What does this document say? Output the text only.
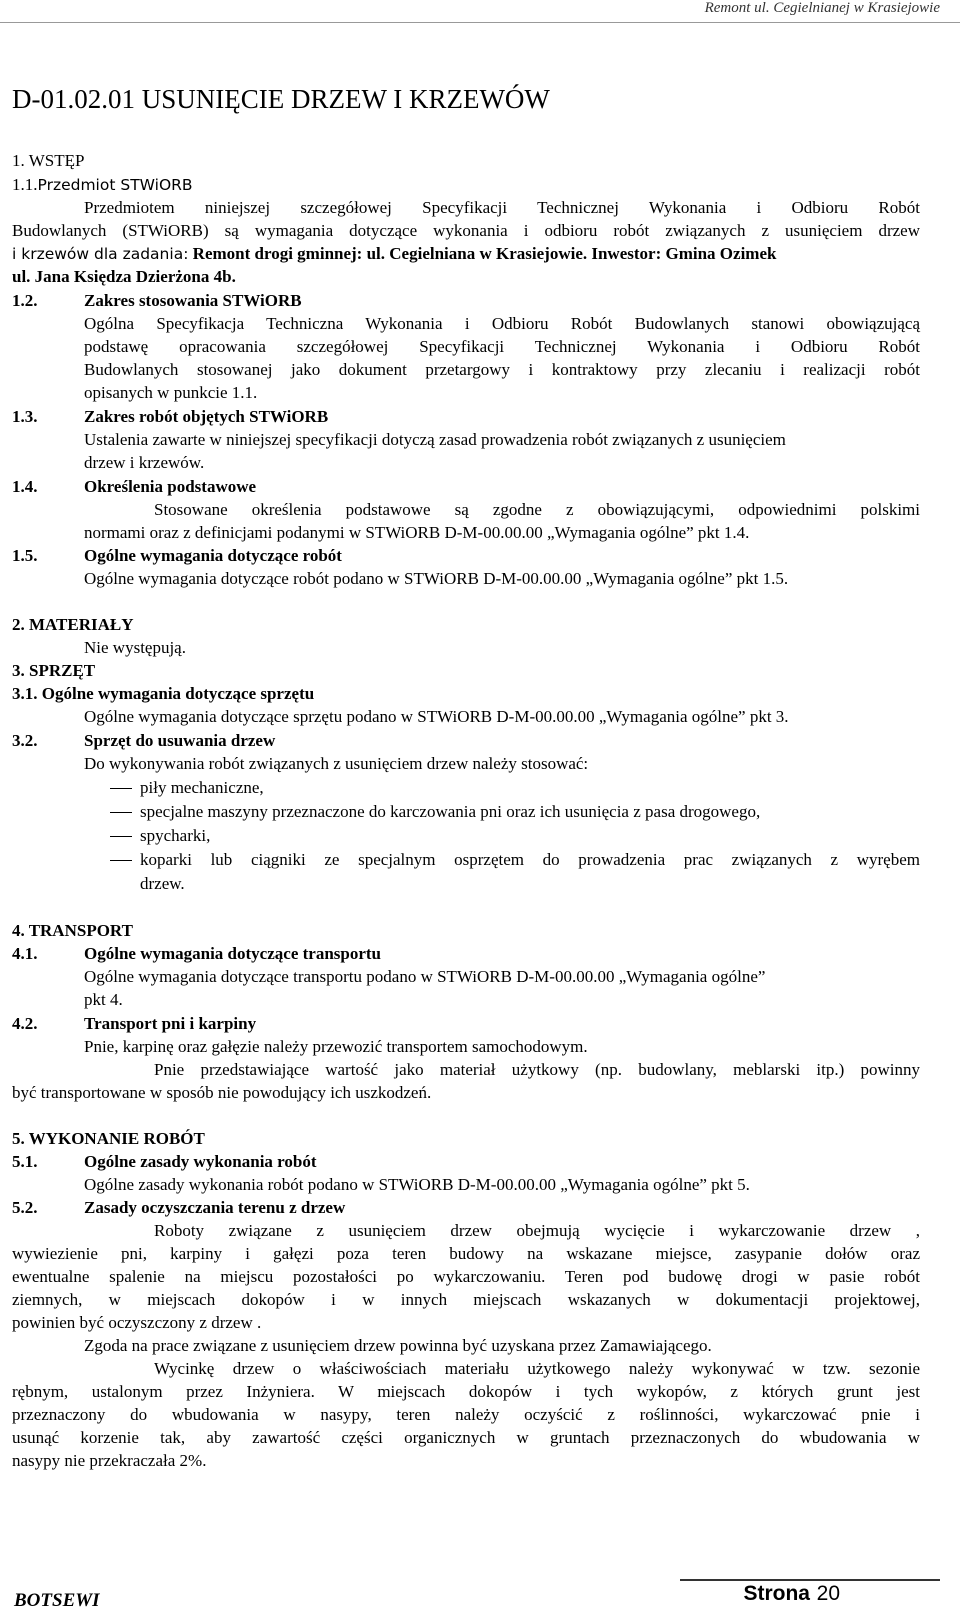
Remont ul. Cegielnianej w Krasiejowie
D-01.02.01 USUNIĘCIE DRZEW I KRZEWÓW
1. WSTĘP
1.1.Przedmiot STWiORB
Przedmiotem niniejszej szczegółowej Specyfikacji Technicznej Wykonania i Odbioru Robót
Budowlanych (STWiORB) są wymagania dotyczące wykonania i odbioru robót związanych z usunięciem drzew
i krzewów dla zadania: Remont drogi gminnej: ul. Cegielniana w Krasiejowie. Inwestor: Gmina Ozimek
ul. Jana Księdza Dzierżona 4b.
1.2.	Zakres stosowania STWiORB
Ogólna Specyfikacja Techniczna Wykonania i Odbioru Robót Budowlanych stanowi obowiązującą
podstawę opracowania szczegółowej Specyfikacji Technicznej Wykonania i Odbioru Robót
Budowlanych stosowanej jako dokument przetargowy i kontraktowy przy zlecaniu i realizacji robót
opisanych w punkcie 1.1.
1.3.	Zakres robót objętych STWiORB
Ustalenia zawarte w niniejszej specyfikacji dotyczą zasad prowadzenia robót związanych z usunięciem
drzew i krzewów.
1.4.	Określenia podstawowe
Stosowane określenia podstawowe są zgodne z obowiązującymi, odpowiednimi polskimi
normami oraz z definicjami podanymi w STWiORB D-M-00.00.00 „Wymagania ogólne” pkt 1.4.
1.5.	Ogólne wymagania dotyczące robót
Ogólne wymagania dotyczące robót podano w STWiORB D-M-00.00.00 „Wymagania ogólne” pkt 1.5.
2. MATERIAŁY
Nie występują.
3. SPRZĘT
3.1. Ogólne wymagania dotyczące sprzętu
Ogólne wymagania dotyczące sprzętu podano w STWiORB D-M-00.00.00 „Wymagania ogólne” pkt 3.
3.2.	Sprzęt do usuwania drzew
Do wykonywania robót związanych z usunięciem drzew należy stosować:
piły mechaniczne,
specjalne maszyny przeznaczone do karczowania pni oraz ich usunięcia z pasa drogowego,
spycharki,
koparki lub ciągniki ze specjalnym osprzętem do prowadzenia prac związanych z wyrębem
drzew.
4. TRANSPORT
4.1.	Ogólne wymagania dotyczące transportu
Ogólne wymagania dotyczące transportu podano w STWiORB D-M-00.00.00 „Wymagania ogólne”
pkt 4.
4.2.	Transport pni i karpiny
Pnie, karpinę oraz gałęzie należy przewozić transportem samochodowym.
Pnie przedstawiające wartość jako materiał użytkowy (np. budowlany, meblarski itp.) powinny
być transportowane w sposób nie powodujący ich uszkodzeń.
5. WYKONANIE ROBÓT
5.1.	Ogólne zasady wykonania robót
Ogólne zasady wykonania robót podano w STWiORB D-M-00.00.00 „Wymagania ogólne” pkt 5.
5.2.	Zasady oczyszczania terenu z drzew
Roboty związane z usunięciem drzew obejmują wycięcie i wykarczowanie drzew ,
wywiezienie pni, karpiny i gałęzi poza teren budowy na wskazane miejsce, zasypanie dołów oraz
ewentualne spalenie na miejscu pozostałości po wykarczowaniu. Teren pod budowę drogi w pasie robót
ziemnych, w miejscach dokopów i w innych miejscach wskazanych w dokumentacji projektowej,
powinien być oczyszczony z drzew .
Zgoda na prace związane z usunięciem drzew powinna być uzyskana przez Zamawiającego.
Wycinkę drzew o właściwościach materiału użytkowego należy wykonywać w tzw. sezonie
rębnym, ustalonym przez Inżyniera. W miejscach dokopów i tych wykopów, z których grunt jest
przeznaczony do wbudowania w nasypy, teren należy oczyścić z roślinności, wykarczować pnie i
usunąć korzenie tak, aby zawartość części organicznych w gruntach przeznaczonych do wbudowania w
nasypy nie przekraczała 2%.
Strona 20
BOTSEWI
